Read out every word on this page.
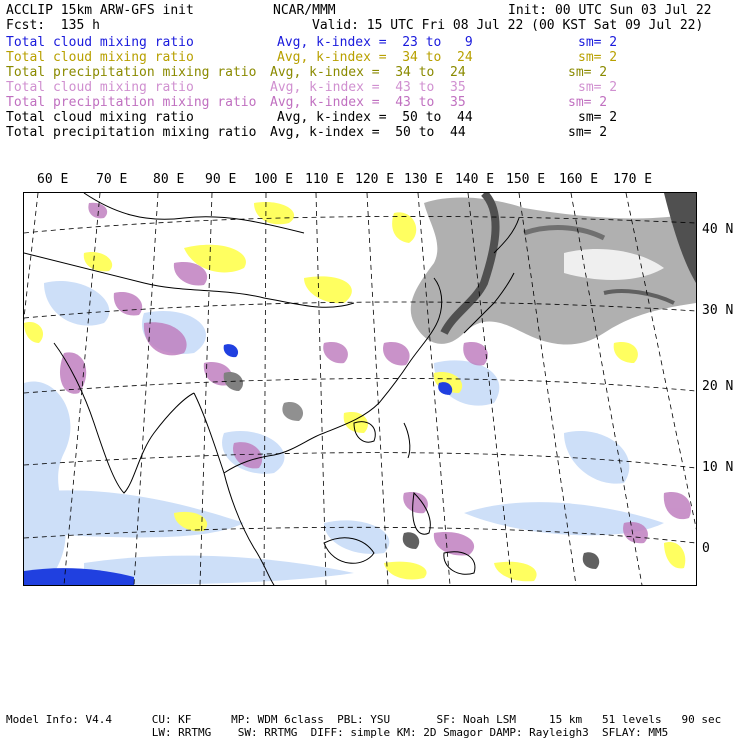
ACCLIP 15km ARW-GFS init	NCAR/MMM	Init: 00 UTC Sun 03 Jul 22
Fcst:  135 h	Valid: 15 UTC Fri 08 Jul 22 (00 KST Sat 09 Jul 22)
Total cloud mixing ratio	Avg, k-index =  23 to   9	sm= 2
Total cloud mixing ratio	Avg, k-index =  34 to  24	sm= 2
Total precipitation mixing ratio Avg, k-index =  34 to  24	sm= 2
Total cloud mixing ratio	Avg, k-index =  43 to  35	sm= 2
Total precipitation mixing ratio Avg, k-index =  43 to  35	sm= 2
Total cloud mixing ratio	Avg, k-index =  50 to  44	sm= 2
Total precipitation mixing ratio Avg, k-index =  50 to  44	sm= 2
60 E 70 E 80 E 90 E 100 E 110 E 120 E 130 E 140 E 150 E 160 E 170 E
40 N
30 N
20 N
10 N
0
Model Info: V4.4      CU: KF      MP: WDM 6class  PBL: YSU       SF: Noah LSM     15 km   51 levels   90 sec
LW: RRTMG    SW: RRTMG  DIFF: simple KM: 2D Smagor DAMP: Rayleigh3  SFLAY: MM5
